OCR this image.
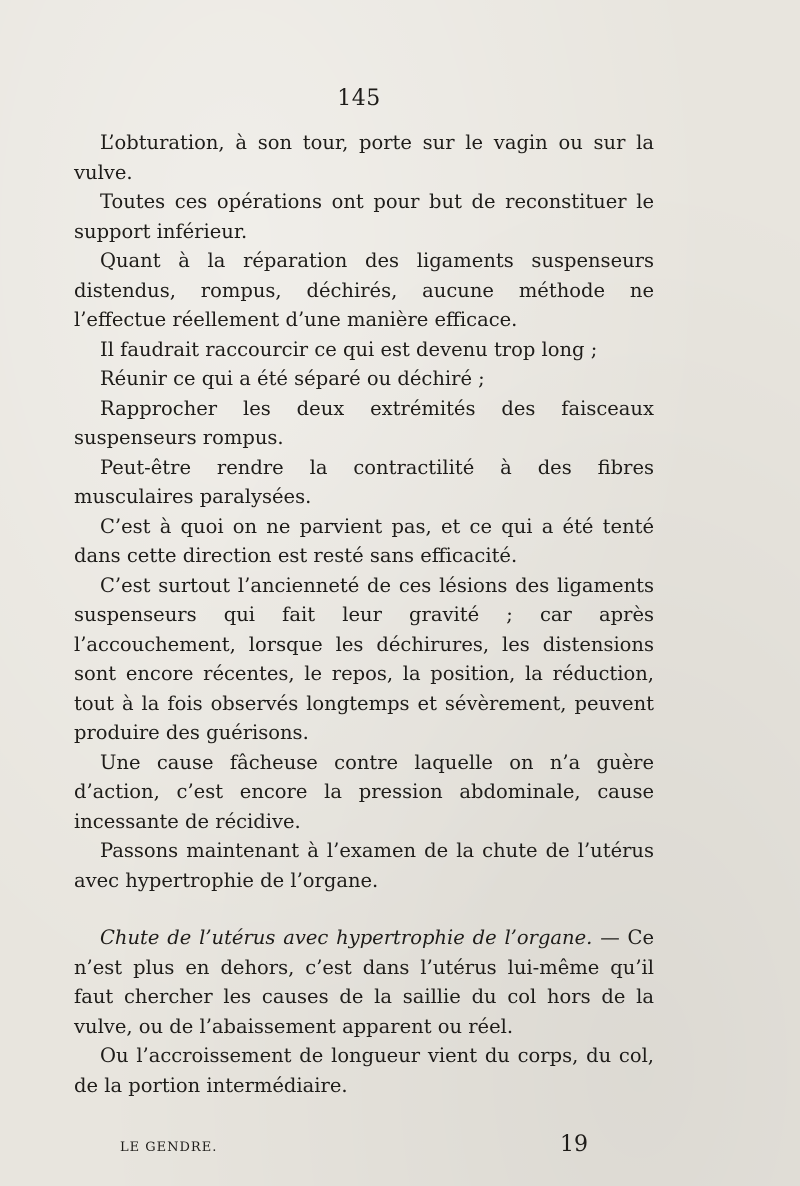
145

L’obturation, à son tour, porte sur le vagin ou sur la vulve.

Toutes ces opérations ont pour but de reconstituer le support inférieur.

Quant à la réparation des ligaments suspenseurs distendus, rompus, déchirés, aucune méthode ne l’effectue réellement d’une manière efficace.

Il faudrait raccourcir ce qui est devenu trop long ;

Réunir ce qui a été séparé ou déchiré ;

Rapprocher les deux extrémités des faisceaux suspenseurs rompus.

Peut-être rendre la contractilité à des fibres musculaires paralysées.

C’est à quoi on ne parvient pas, et ce qui a été tenté dans cette direction est resté sans efficacité.

C’est surtout l’ancienneté de ces lésions des ligaments suspenseurs qui fait leur gravité ; car après l’accouchement, lorsque les déchirures, les distensions sont encore récentes, le repos, la position, la réduction, tout à la fois observés longtemps et sévèrement, peuvent produire des guérisons.

Une cause fâcheuse contre laquelle on n’a guère d’action, c’est encore la pression abdominale, cause incessante de récidive.

Passons maintenant à l’examen de la chute de l’utérus avec hypertrophie de l’organe.

Chute de l’utérus avec hypertrophie de l’organe. — Ce n’est plus en dehors, c’est dans l’utérus lui-même qu’il faut chercher les causes de la saillie du col hors de la vulve, ou de l’abaissement apparent ou réel.

Ou l’accroissement de longueur vient du corps, du col, de la portion intermédiaire.

LE GENDRE.	19
